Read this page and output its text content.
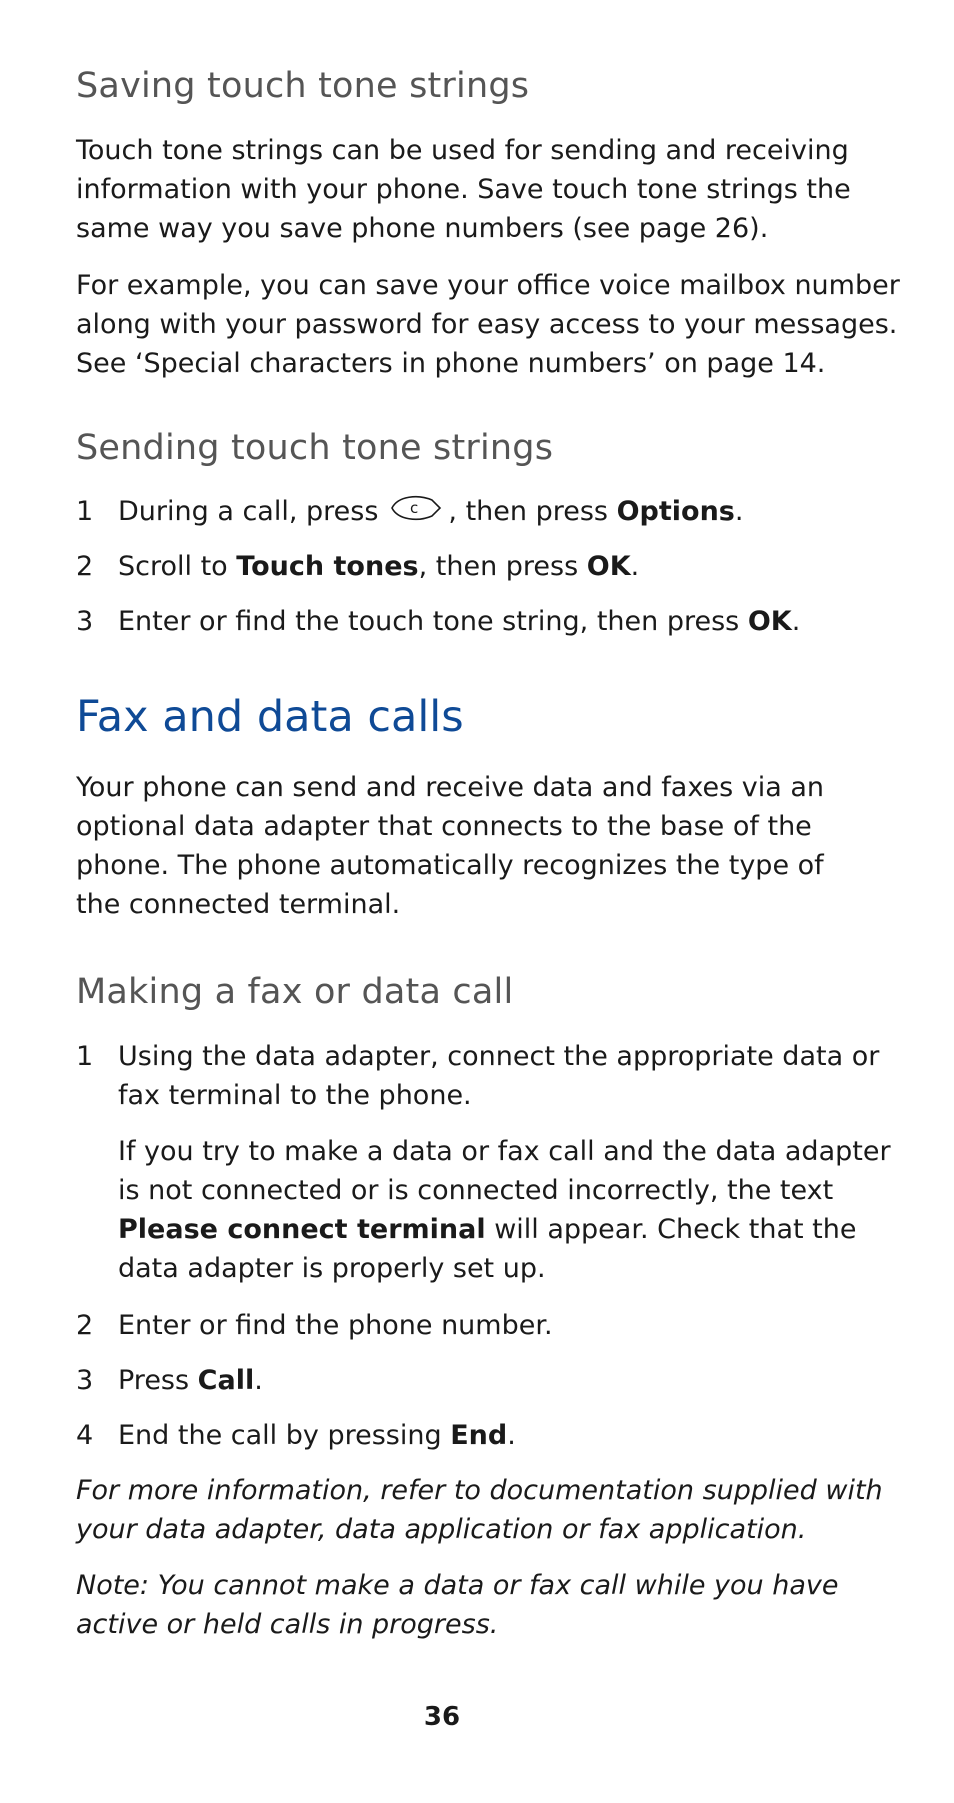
Saving touch tone strings
Touch tone strings can be used for sending and receiving
information with your phone. Save touch tone strings the
same way you save phone numbers (see page 26).
For example, you can save your office voice mailbox number
along with your password for easy access to your messages.
See ‘Special characters in phone numbers’ on page 14.
Sending touch tone strings
1 During a call, press c , then press Options.
2 Scroll to Touch tones, then press OK.
3 Enter or find the touch tone string, then press OK.
Fax and data calls
Your phone can send and receive data and faxes via an
optional data adapter that connects to the base of the
phone. The phone automatically recognizes the type of
the connected terminal.
Making a fax or data call
1 Using the data adapter, connect the appropriate data or
fax terminal to the phone.
If you try to make a data or fax call and the data adapter
is not connected or is connected incorrectly, the text
Please connect terminal will appear. Check that the
data adapter is properly set up.
2 Enter or find the phone number.
3 Press Call.
4 End the call by pressing End.
For more information, refer to documentation supplied with
your data adapter, data application or fax application.
Note: You cannot make a data or fax call while you have
active or held calls in progress.
36
